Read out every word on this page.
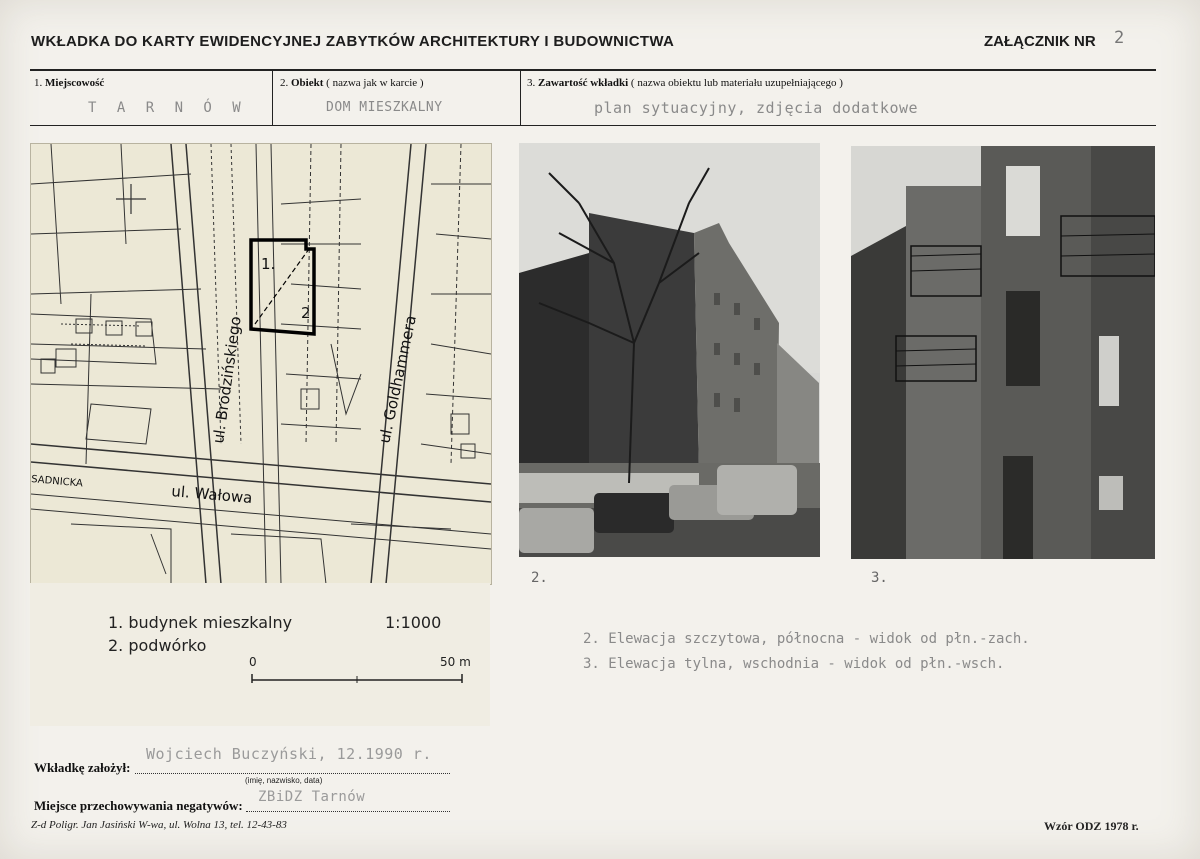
WKŁADKA DO KARTY EWIDENCYJNEJ ZABYTKÓW ARCHITEKTURY I BUDOWNICTWA	ZAŁĄCZNIK NR 2
1. Miejscowość
T A R N Ó W
2. Obiekt ( nazwa jak w karcie )
DOM MIESZKALNY
3. Zawartość wkładki ( nazwa obiektu lub materiału uzupełniającego )
plan sytuacyjny, zdjęcia dodatkowe
1.
2
ul. Brodzińskiego	ul. Goldhammera
ul. Wałowa
SADNICKA
1. budynek mieszkalny
2. podwórko
1:1000
0	50 m
2.	3.
2. Elewacja szczytowa, północna - widok od płn.-zach.
3. Elewacja tylna, wschodnia - widok od płn.-wsch.
Wkładkę założył:
Wojciech Buczyński, 12.1990 r.
(imię, nazwisko, data)
Miejsce przechowywania negatywów:
ZBiDZ Tarnów
Z-d Poligr. Jan Jasiński W-wa, ul. Wolna 13, tel. 12-43-83	Wzór ODZ 1978 r.
